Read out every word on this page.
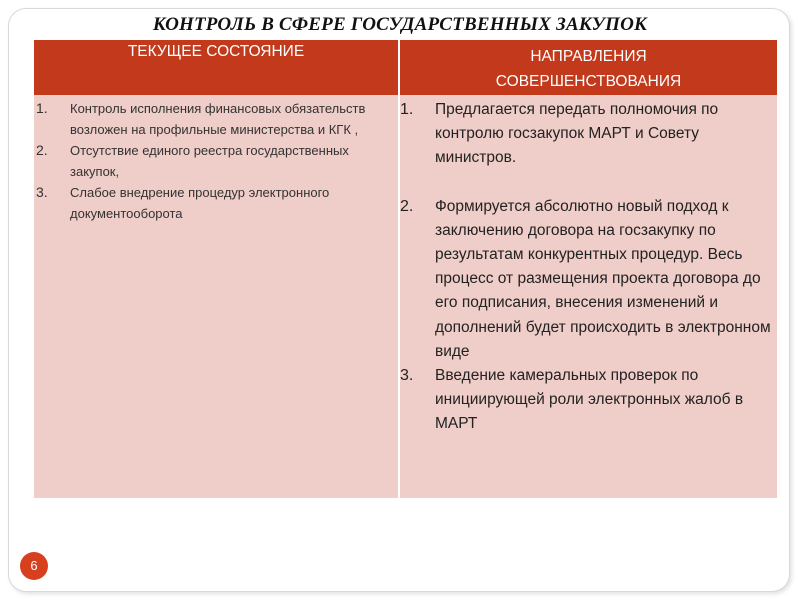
КОНТРОЛЬ В СФЕРЕ ГОСУДАРСТВЕННЫХ ЗАКУПОК
ТЕКУЩЕЕ СОСТОЯНИЕ	НАПРАВЛЕНИЯ
СОВЕРШЕНСТВОВАНИЯ
1.	Контроль исполнения финансовых обязательств возложен на профильные министерства и КГК ,
2.	Отсутствие единого реестра государственных закупок,
3.	Слабое внедрение процедур электронного документооборота
1.	Предлагается передать полномочия по контролю госзакупок МАРТ и Совету министров.
2.	Формируется абсолютно новый подход к заключению договора на госзакупку по результатам конкурентных процедур. Весь процесс от размещения проекта договора до его подписания, внесения изменений и дополнений будет происходить в электронном виде
3.	Введение камеральных проверок по инициирующей роли электронных жалоб в МАРТ
6
